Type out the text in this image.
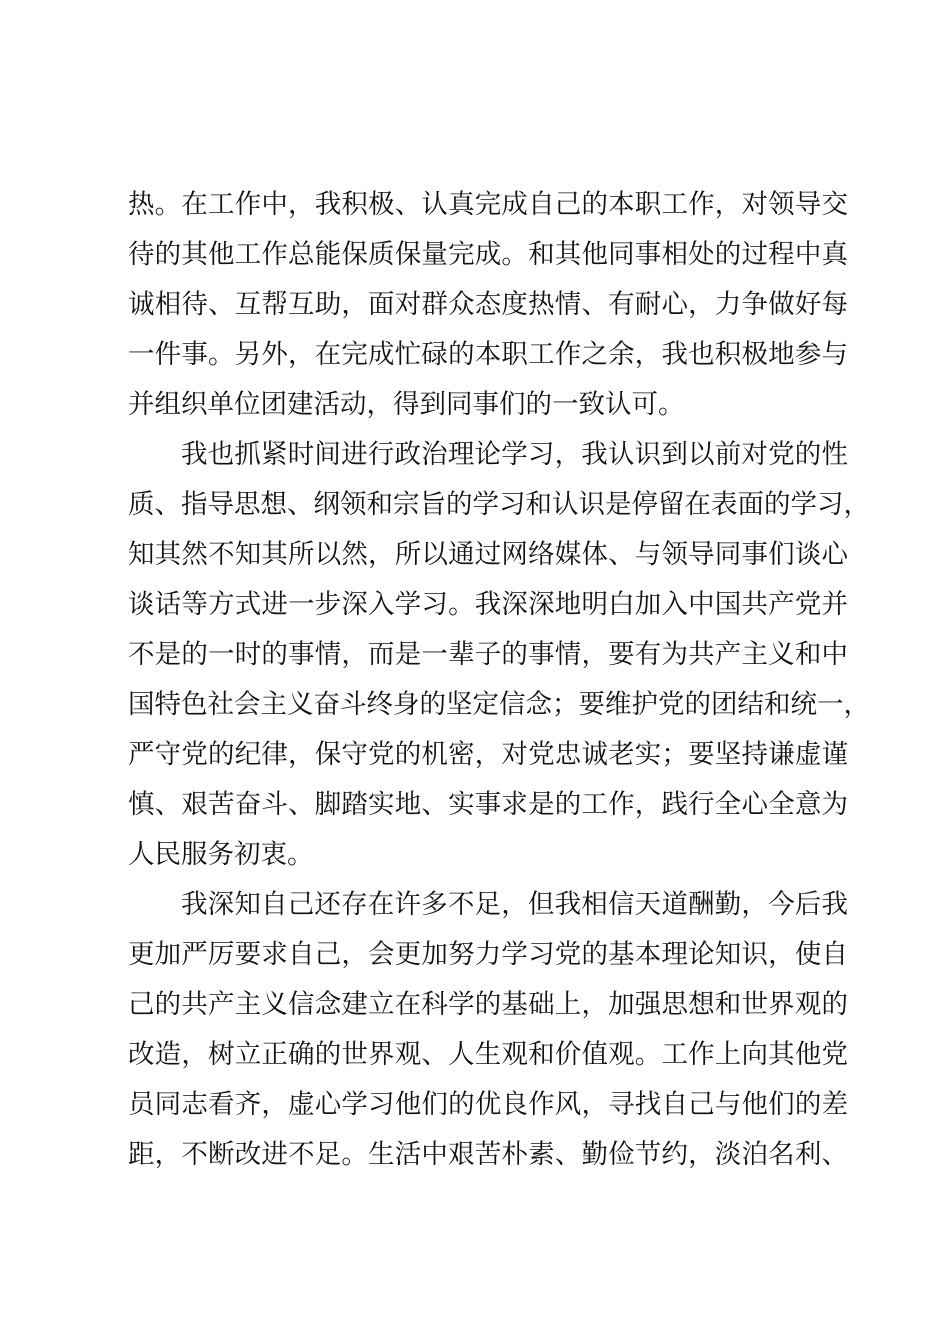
热。在工作中，我积极、认真完成自己的本职工作，对领导交
待的其他工作总能保质保量完成。和其他同事相处的过程中真
诚相待、互帮互助，面对群众态度热情、有耐心，力争做好每
一件事。另外，在完成忙碌的本职工作之余，我也积极地参与
并组织单位团建活动，得到同事们的一致认可。
我也抓紧时间进行政治理论学习，我认识到以前对党的性
质、指导思想、纲领和宗旨的学习和认识是停留在表面的学习，
知其然不知其所以然，所以通过网络媒体、与领导同事们谈心
谈话等方式进一步深入学习。我深深地明白加入中国共产党并
不是的一时的事情，而是一辈子的事情，要有为共产主义和中
国特色社会主义奋斗终身的坚定信念；要维护党的团结和统一，
严守党的纪律，保守党的机密，对党忠诚老实；要坚持谦虚谨
慎、艰苦奋斗、脚踏实地、实事求是的工作，践行全心全意为
人民服务初衷。
我深知自己还存在许多不足，但我相信天道酬勤，今后我
更加严厉要求自己，会更加努力学习党的基本理论知识，使自
己的共产主义信念建立在科学的基础上，加强思想和世界观的
改造，树立正确的世界观、人生观和价值观。工作上向其他党
员同志看齐，虚心学习他们的优良作风，寻找自己与他们的差
距，不断改进不足。生活中艰苦朴素、勤俭节约，淡泊名利、
